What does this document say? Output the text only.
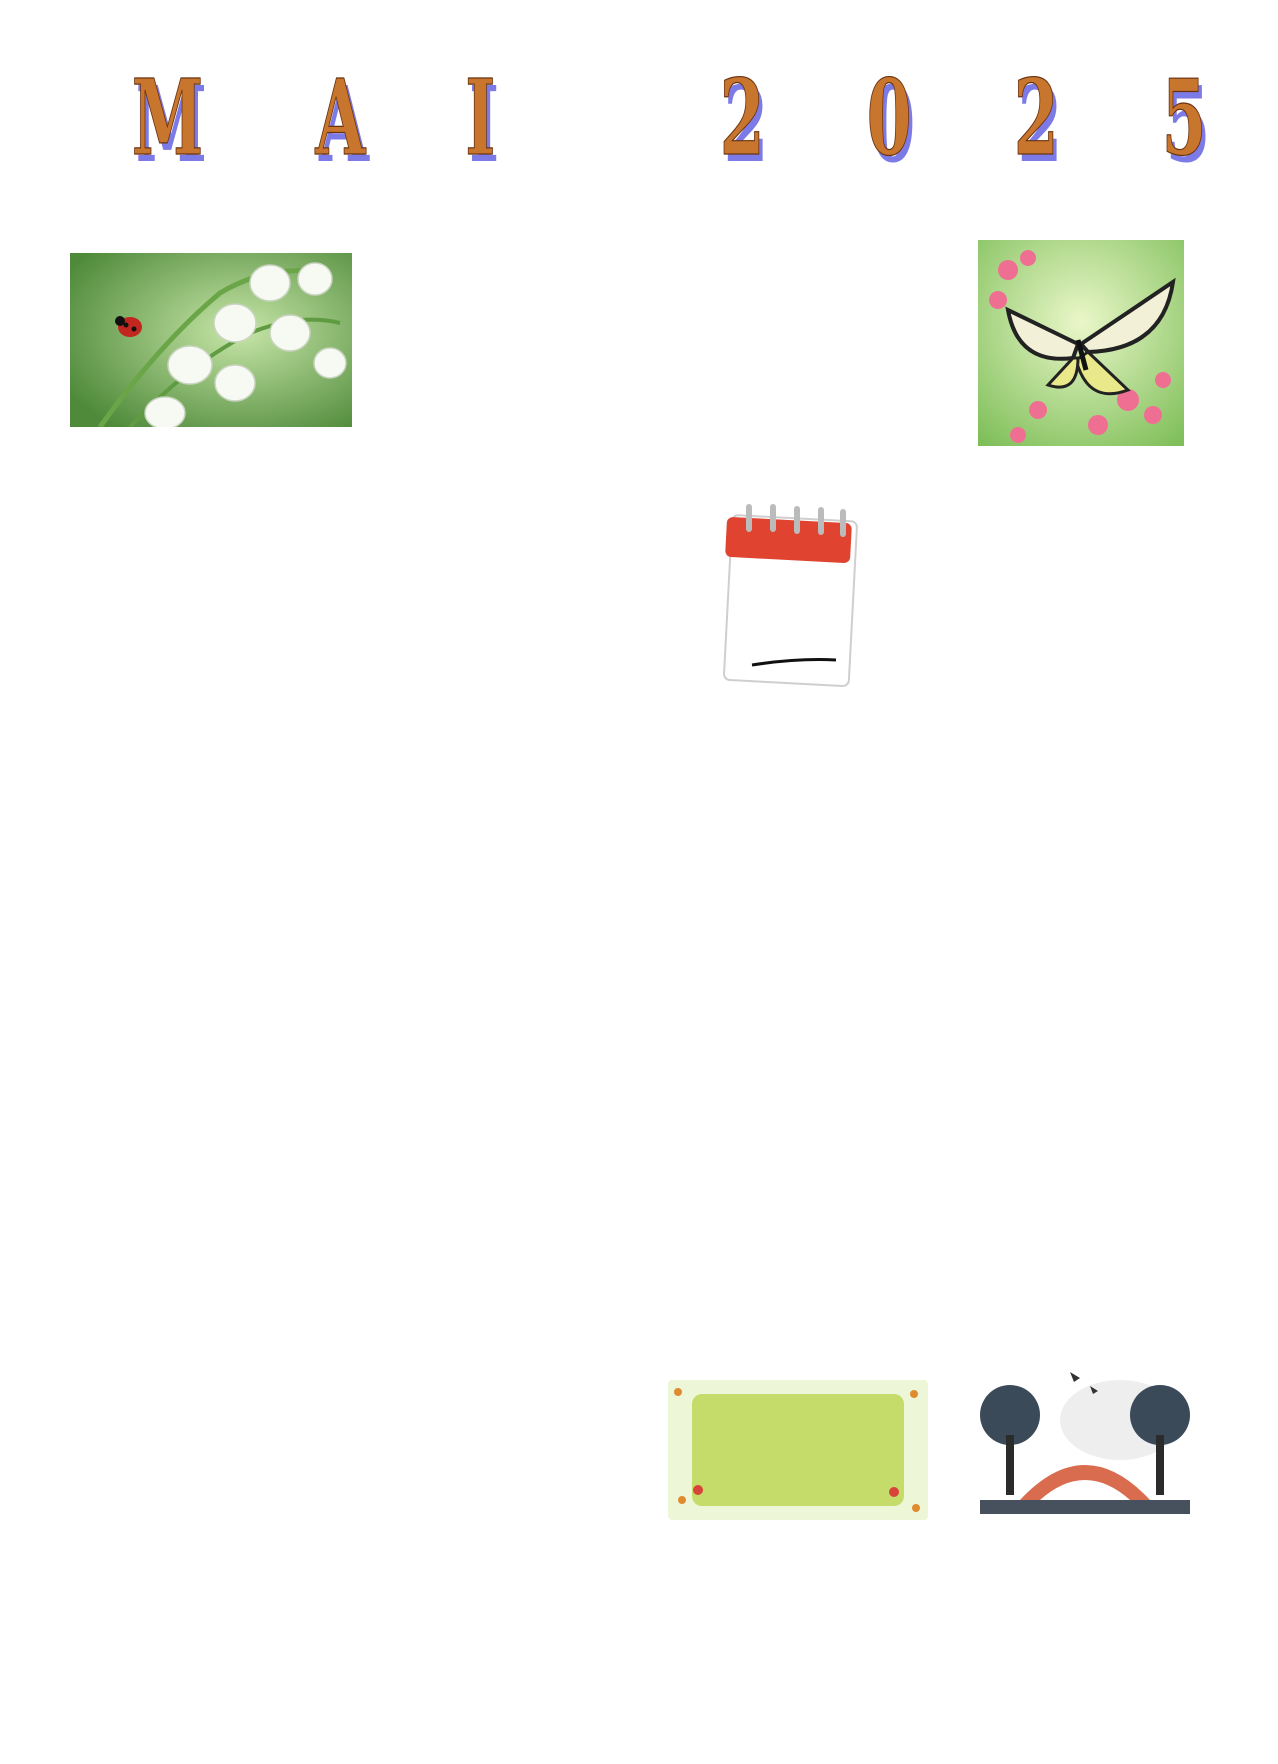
M A I 2 0 2 5
